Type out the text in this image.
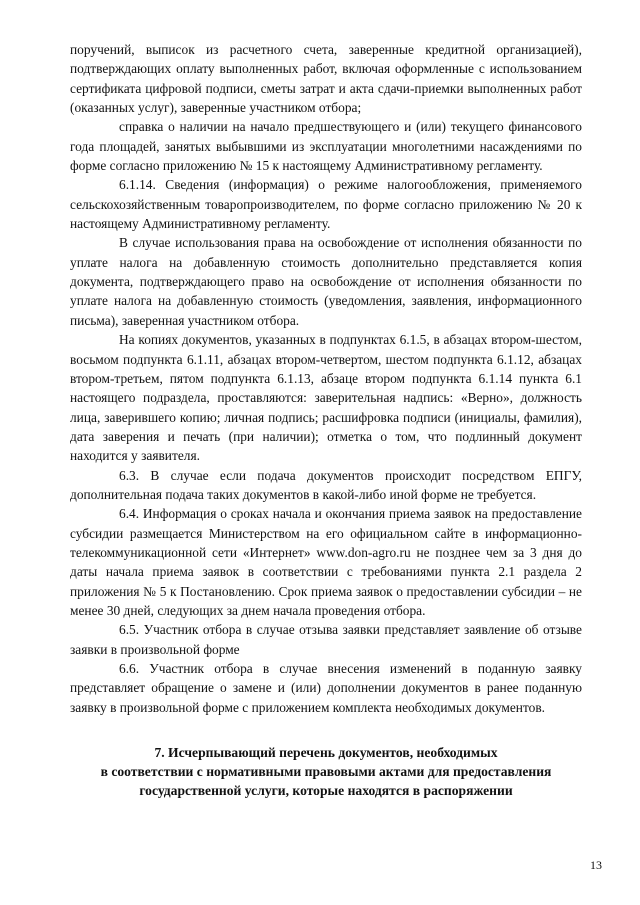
поручений, выписок из расчетного счета, заверенные кредитной организацией), подтверждающих оплату выполненных работ, включая оформленные с использованием сертификата цифровой подписи, сметы затрат и акта сдачи-приемки выполненных работ (оказанных услуг), заверенные участником отбора;

справка о наличии на начало предшествующего и (или) текущего финансового года площадей, занятых выбывшими из эксплуатации многолетними насаждениями по форме согласно приложению № 15 к настоящему Административному регламенту.

6.1.14. Сведения (информация) о режиме налогообложения, применяемого сельскохозяйственным товаропроизводителем, по форме согласно приложению № 20 к настоящему Административному регламенту.

В случае использования права на освобождение от исполнения обязанности по уплате налога на добавленную стоимость дополнительно представляется копия документа, подтверждающего право на освобождение от исполнения обязанности по уплате налога на добавленную стоимость (уведомления, заявления, информационного письма), заверенная участником отбора.

На копиях документов, указанных в подпунктах 6.1.5, в абзацах втором-шестом, восьмом подпункта 6.1.11, абзацах втором-четвертом, шестом подпункта 6.1.12, абзацах втором-третьем, пятом подпункта 6.1.13, абзаце втором подпункта 6.1.14 пункта 6.1 настоящего подраздела, проставляются: заверительная надпись: «Верно», должность лица, заверившего копию; личная подпись; расшифровка подписи (инициалы, фамилия), дата заверения и печать (при наличии); отметка о том, что подлинный документ находится у заявителя.

6.3. В случае если подача документов происходит посредством ЕПГУ, дополнительная подача таких документов в какой-либо иной форме не требуется.

6.4. Информация о сроках начала и окончания приема заявок на предоставление субсидии размещается Министерством на его официальном сайте в информационно-телекоммуникационной сети «Интернет» www.don-agro.ru не позднее чем за 3 дня до даты начала приема заявок в соответствии с требованиями пункта 2.1 раздела 2 приложения № 5 к Постановлению. Срок приема заявок о предоставлении субсидии – не менее 30 дней, следующих за днем начала проведения отбора.

6.5. Участник отбора в случае отзыва заявки представляет заявление об отзыве заявки в произвольной форме

6.6. Участник отбора в случае внесения изменений в поданную заявку представляет обращение о замене и (или) дополнении документов в ранее поданную заявку в произвольной форме с приложением комплекта необходимых документов.

7. Исчерпывающий перечень документов, необходимых
в соответствии с нормативными правовыми актами для предоставления
государственной услуги, которые находятся в распоряжении
13
